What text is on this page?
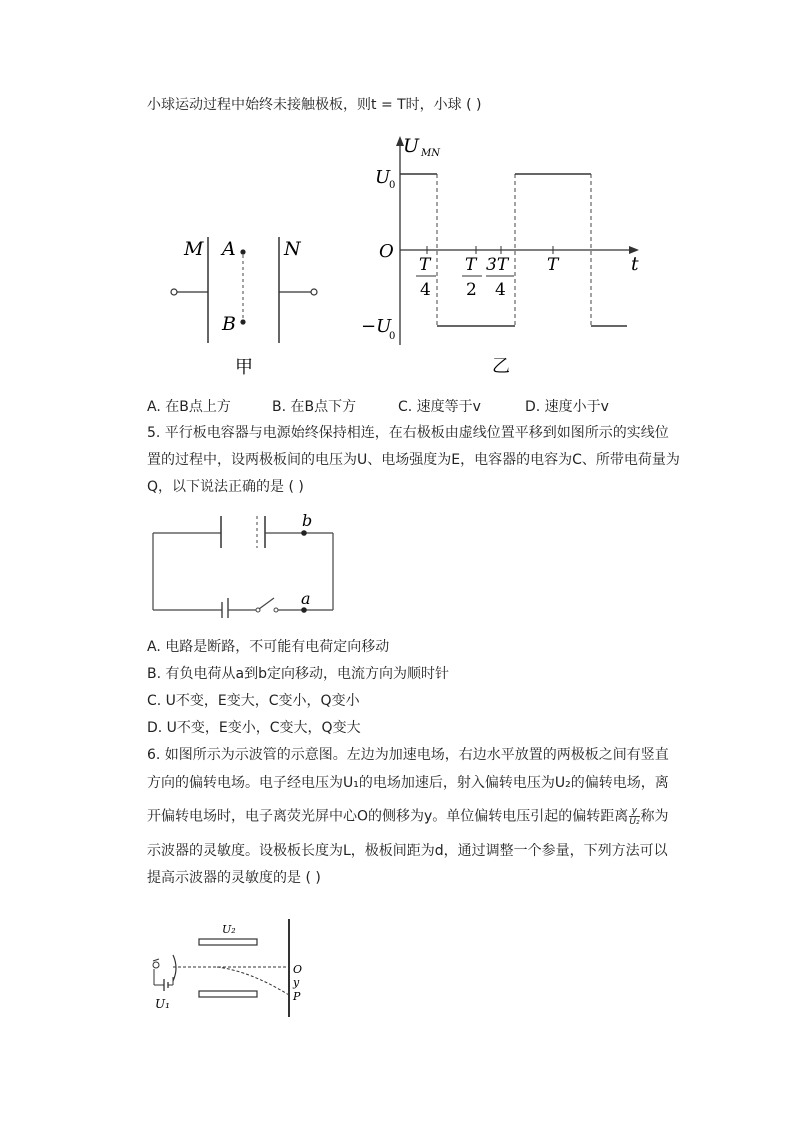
小球运动过程中始终未接触极板，则t = T时，小球 ( )
M A
B
N
甲
U MN
U
0
O
−U
0
t
T
4
T
2
3T
4
T
乙
A. 在B点上方	B. 在B点下方	C. 速度等于v	D. 速度小于v
5. 平行板电容器与电源始终保持相连，在右极板由虚线位置平移到如图所示的实线位
置的过程中，设两极板间的电压为U、电场强度为E，电容器的电容为C、所带电荷量为
Q，以下说法正确的是 ( )
b
a
A. 电路是断路，不可能有电荷定向移动
B. 有负电荷从a到b定向移动，电流方向为顺时针
C. U不变，E变大，C变小，Q变小
D. U不变，E变小，C变大，Q变大
6. 如图所示为示波管的示意图。左边为加速电场，右边水平放置的两极板之间有竖直
方向的偏转电场。电子经电压为U₁的电场加速后，射入偏转电压为U₂的偏转电场，离
开偏转电场时，电子离荧光屏中心O的侧移为y。单位偏转电压引起的偏转距离 $\frac{y}{\text{U₂}}$ 称为
示波器的灵敏度。设极板长度为L，极板间距为d，通过调整一个参量，下列方法可以
提高示波器的灵敏度的是 ( )
U₂
U₁
O
y
P
